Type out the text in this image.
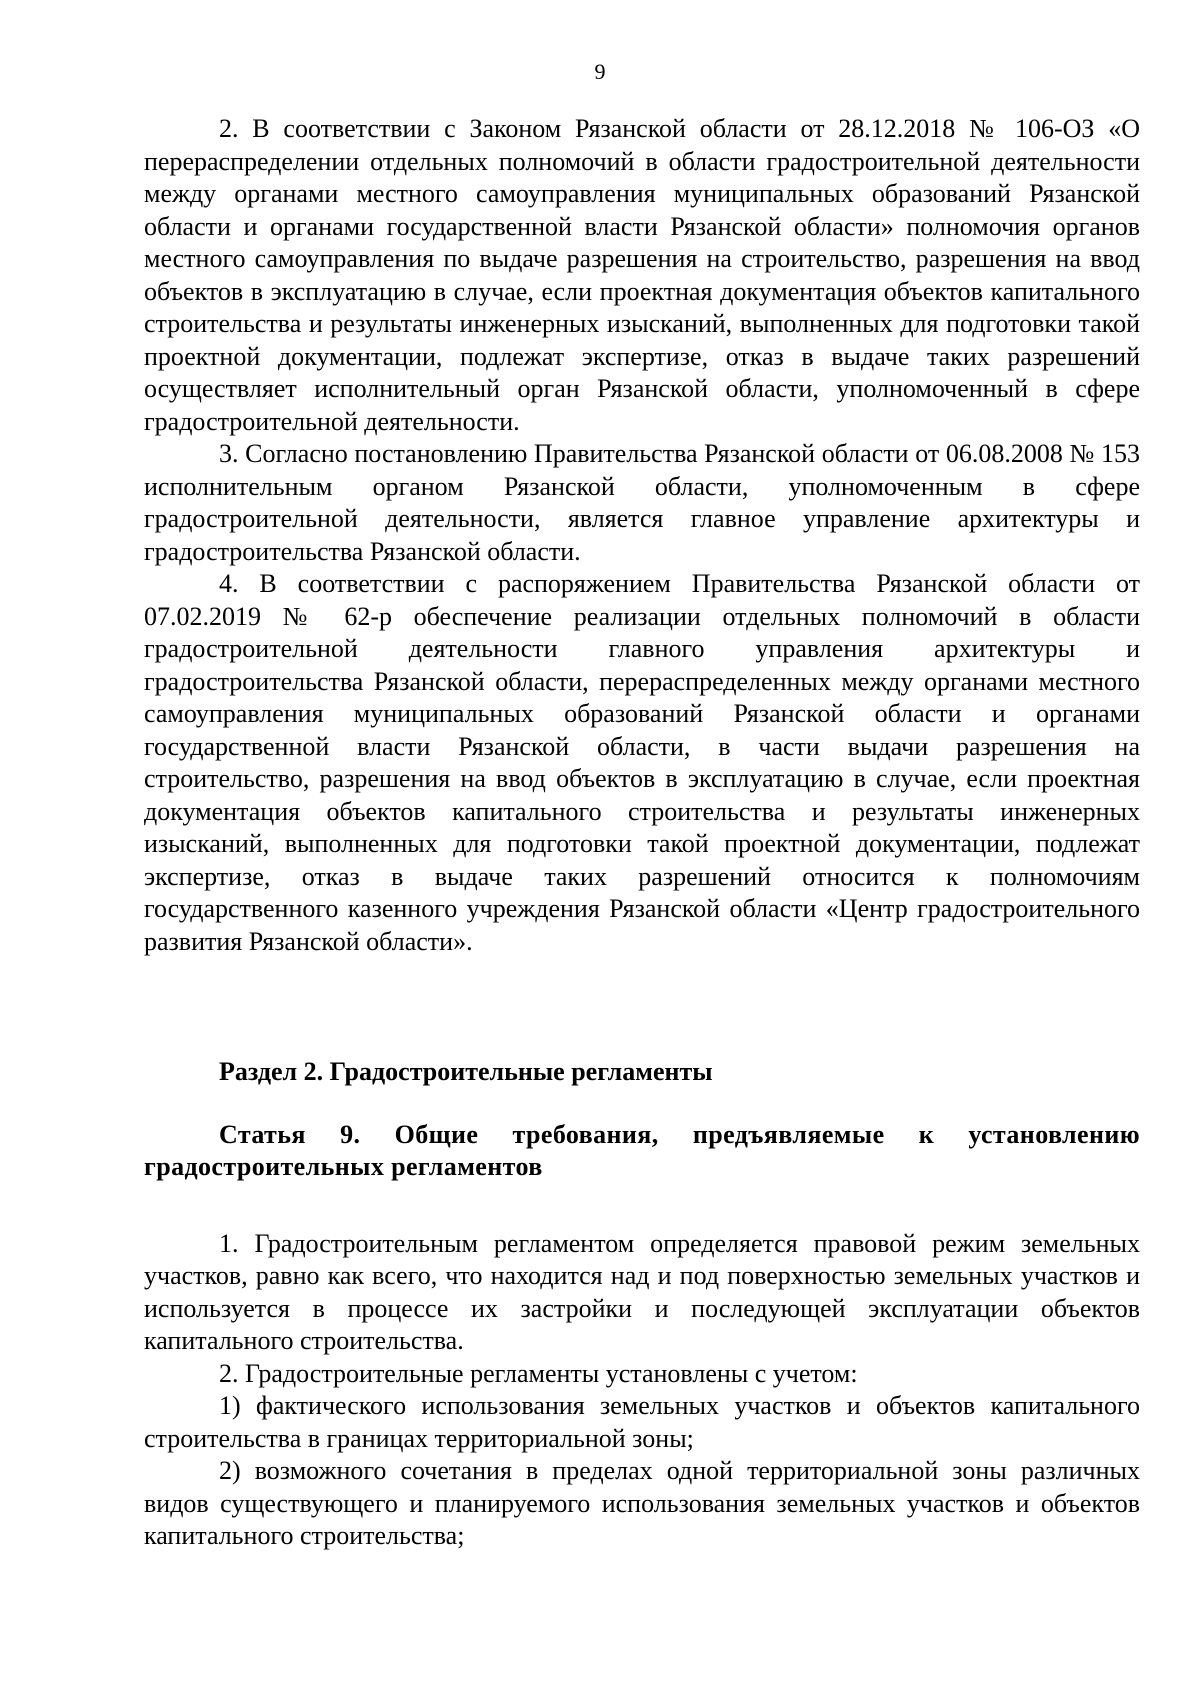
9

2. В соответствии с Законом Рязанской области от 28.12.2018 № 106-ОЗ «О перераспределении отдельных полномочий в области градостроительной деятельности между органами местного самоуправления муниципальных образований Рязанской области и органами государственной власти Рязанской области» полномочия органов местного самоуправления по выдаче разрешения на строительство, разрешения на ввод объектов в эксплуатацию в случае, если проектная документация объектов капитального строительства и результаты инженерных изысканий, выполненных для подготовки такой проектной документации, подлежат экспертизе, отказ в выдаче таких разрешений осуществляет исполнительный орган Рязанской области, уполномоченный в сфере градостроительной деятельности.

3. Согласно постановлению Правительства Рязанской области от 06.08.2008 № 153 исполнительным органом Рязанской области, уполномоченным в сфере градостроительной деятельности, является главное управление архитектуры и градостроительства Рязанской области.

4. В соответствии с распоряжением Правительства Рязанской области от 07.02.2019 № 62-р обеспечение реализации отдельных полномочий в области градостроительной деятельности главного управления архитектуры и градостроительства Рязанской области, перераспределенных между органами местного самоуправления муниципальных образований Рязанской области и органами государственной власти Рязанской области, в части выдачи разрешения на строительство, разрешения на ввод объектов в эксплуатацию в случае, если проектная документация объектов капитального строительства и результаты инженерных изысканий, выполненных для подготовки такой проектной документации, подлежат экспертизе, отказ в выдаче таких разрешений относится к полномочиям государственного казенного учреждения Рязанской области «Центр градостроительного развития Рязанской области».

Раздел 2. Градостроительные регламенты
Статья 9. Общие требования, предъявляемые к установлению градостроительных регламентов

1. Градостроительным регламентом определяется правовой режим земельных участков, равно как всего, что находится над и под поверхностью земельных участков и используется в процессе их застройки и последующей эксплуатации объектов капитального строительства.

2. Градостроительные регламенты установлены с учетом:

1) фактического использования земельных участков и объектов капитального строительства в границах территориальной зоны;

2) возможного сочетания в пределах одной территориальной зоны различных видов существующего и планируемого использования земельных участков и объектов капитального строительства;
